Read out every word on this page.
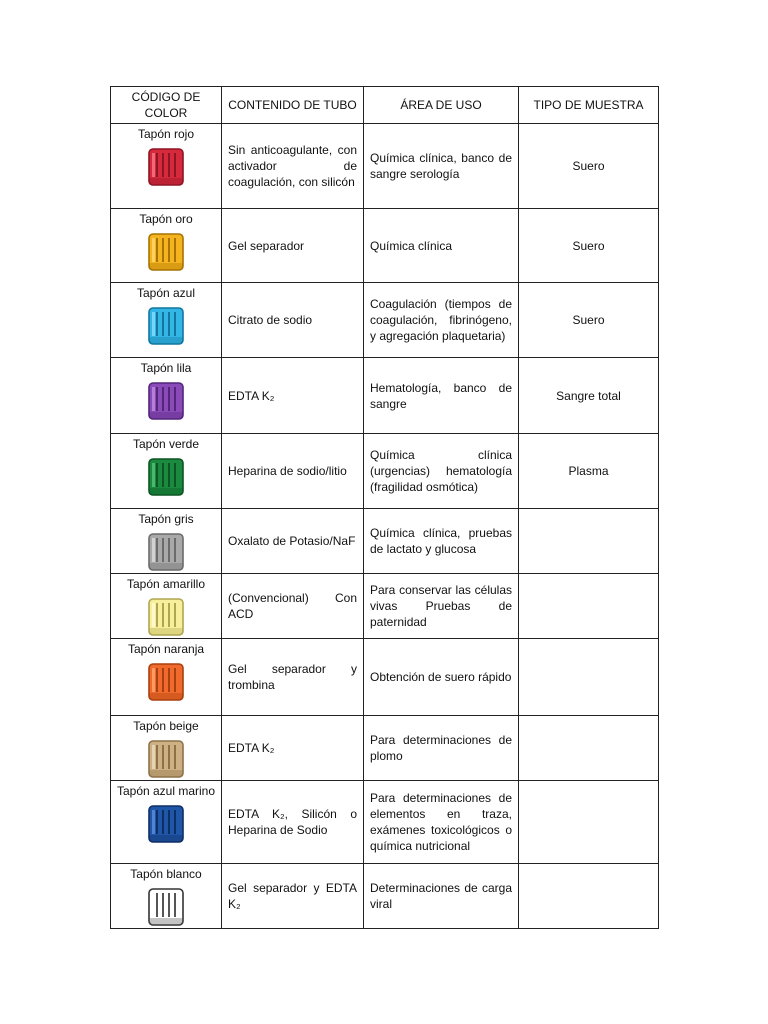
CÓDIGO DE COLOR	CONTENIDO DE TUBO	ÁREA DE USO	TIPO DE MUESTRA

Tapón rojo	Sin anticoagulante, con activador de coagulación, con silicón	Química clínica, banco de sangre serología	Suero

Tapón oro	Gel separador	Química clínica	Suero

Tapón azul	Citrato de sodio	Coagulación (tiempos de coagulación, fibrinógeno, y agregación plaquetaria)	Suero

Tapón lila	EDTA K₂	Hematología, banco de sangre	Sangre total

Tapón verde	Heparina de sodio/litio	Química clínica (urgencias) hematología (fragilidad osmótica)	Plasma

Tapón gris	Oxalato de Potasio/NaF	Química clínica, pruebas de lactato y glucosa	

Tapón amarillo	(Convencional) Con ACD	Para conservar las células vivas Pruebas de paternidad	

Tapón naranja	Gel separador y trombina	Obtención de suero rápido	

Tapón beige	EDTA K₂	Para determinaciones de plomo	

Tapón azul marino	EDTA K₂, Silicón o Heparina de Sodio	Para determinaciones de elementos en traza, exámenes toxicológicos o química nutricional	

Tapón blanco	Gel separador y EDTA K₂	Determinaciones de carga viral	
